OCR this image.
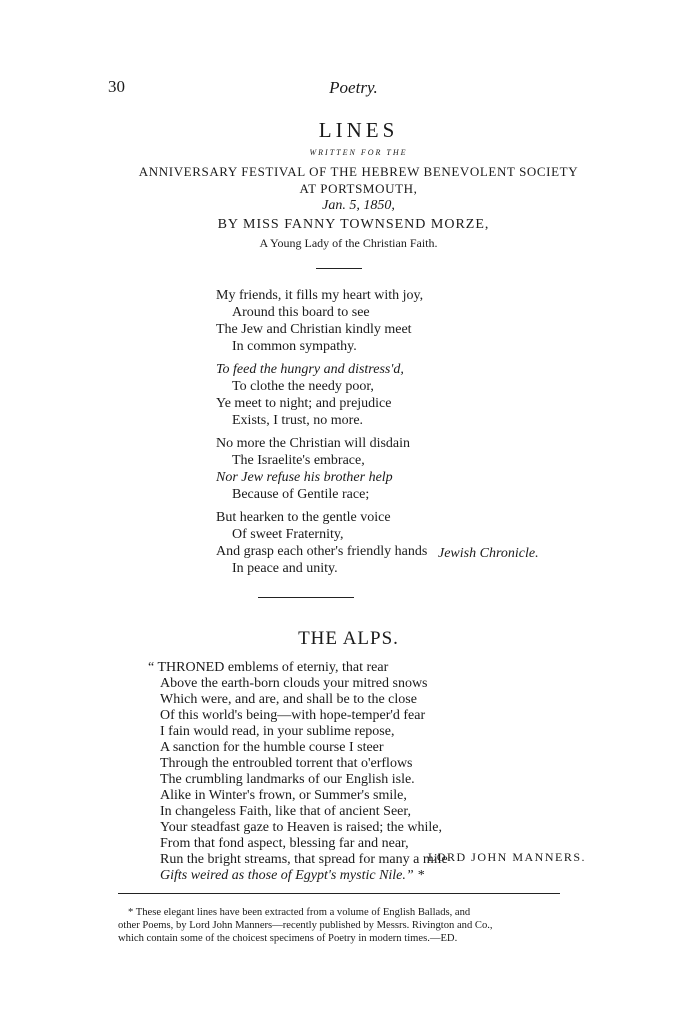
30	Poetry.
LINES
WRITTEN FOR THE
ANNIVERSARY FESTIVAL OF THE HEBREW BENEVOLENT SOCIETY
AT PORTSMOUTH,
Jan. 5, 1850,
BY MISS FANNY TOWNSEND MORZE,
A Young Lady of the Christian Faith.
My friends, it fills my heart with joy,
Around this board to see
The Jew and Christian kindly meet
In common sympathy.
To feed the hungry and distress'd,
To clothe the needy poor,
Ye meet to night; and prejudice
Exists, I trust, no more.
No more the Christian will disdain
The Israelite's embrace,
Nor Jew refuse his brother help
Because of Gentile race;
But hearken to the gentle voice
Of sweet Fraternity,
And grasp each other's friendly hands
In peace and unity.
Jewish Chronicle.
THE ALPS.
“ THRONED emblems of eterniy, that rear
Above the earth-born clouds your mitred snows
Which were, and are, and shall be to the close
Of this world's being—with hope-temper'd fear
I fain would read, in your sublime repose,
A sanction for the humble course I steer
Through the entroubled torrent that o'erflows
The crumbling landmarks of our English isle.
Alike in Winter's frown, or Summer's smile,
In changeless Faith, like that of ancient Seer,
Your steadfast gaze to Heaven is raised; the while,
From that fond aspect, blessing far and near,
Run the bright streams, that spread for many a mile
Gifts weired as those of Egypt's mystic Nile.” *
LORD JOHN MANNERS.
* These elegant lines have been extracted from a volume of English Ballads, and
other Poems, by Lord John Manners—recently published by Messrs. Rivington and Co.,
which contain some of the choicest specimens of Poetry in modern times.—ED.
